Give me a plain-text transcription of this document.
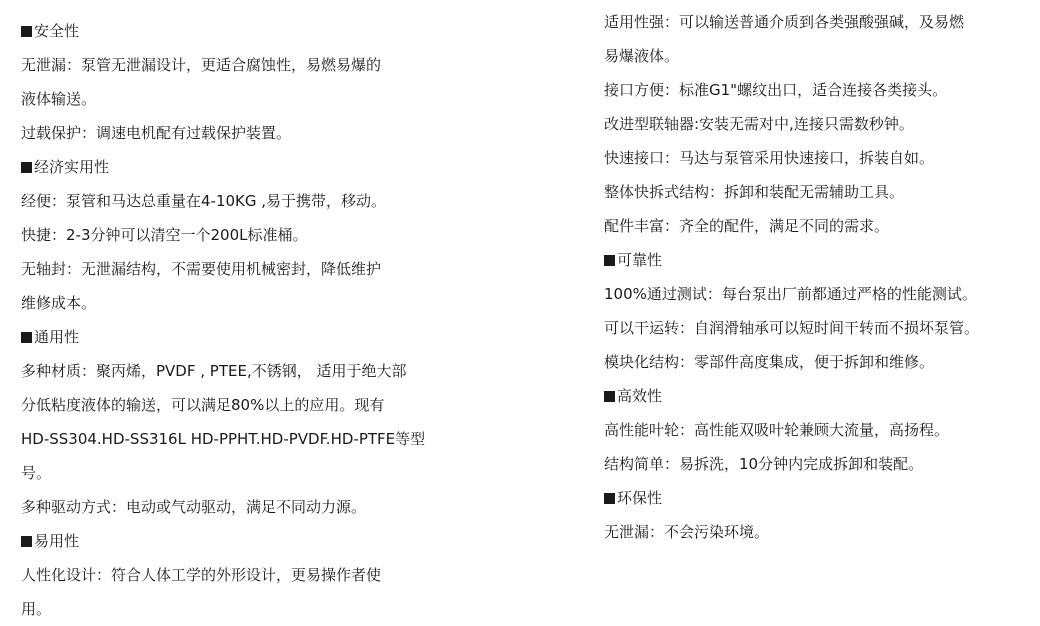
安全性
无泄漏：泵管无泄漏设计，更适合腐蚀性，易燃易爆的
液体输送。
过载保护：调速电机配有过载保护装置。
经济实用性
经便：泵管和马达总重量在4-10KG ,易于携带，移动。
快捷：2-3分钟可以清空一个200L标准桶。
无轴封：无泄漏结构，不需要使用机械密封，降低维护
维修成本。
通用性
多种材质：聚丙烯，PVDF , PTEE,不锈钢， 适用于绝大部
分低粘度液体的输送，可以满足80%以上的应用。现有
HD-SS304.HD-SS316L HD-PPHT.HD-PVDF.HD-PTFE等型
号。
多种驱动方式：电动或气动驱动，满足不同动力源。
易用性
人性化设计：符合人体工学的外形设计，更易操作者使
用。
适用性强：可以输送普通介质到各类强酸强碱，及易燃
易爆液体。
接口方便：标准G1"螺纹出口，适合连接各类接头。
改进型联轴器:安装无需对中,连接只需数秒钟。
快速接口：马达与泵管采用快速接口，拆装自如。
整体快拆式结构：拆卸和装配无需辅助工具。
配件丰富：齐全的配件，满足不同的需求。
可靠性
100%通过测试：每台泵出厂前都通过严格的性能测试。
可以干运转：自润滑轴承可以短时间干转而不损坏泵管。
模块化结构：零部件高度集成，便于拆卸和维修。
高效性
高性能叶轮：高性能双吸叶轮兼顾大流量，高扬程。
结构简单：易拆洗，10分钟内完成拆卸和装配。
环保性
无泄漏：不会污染环境。
